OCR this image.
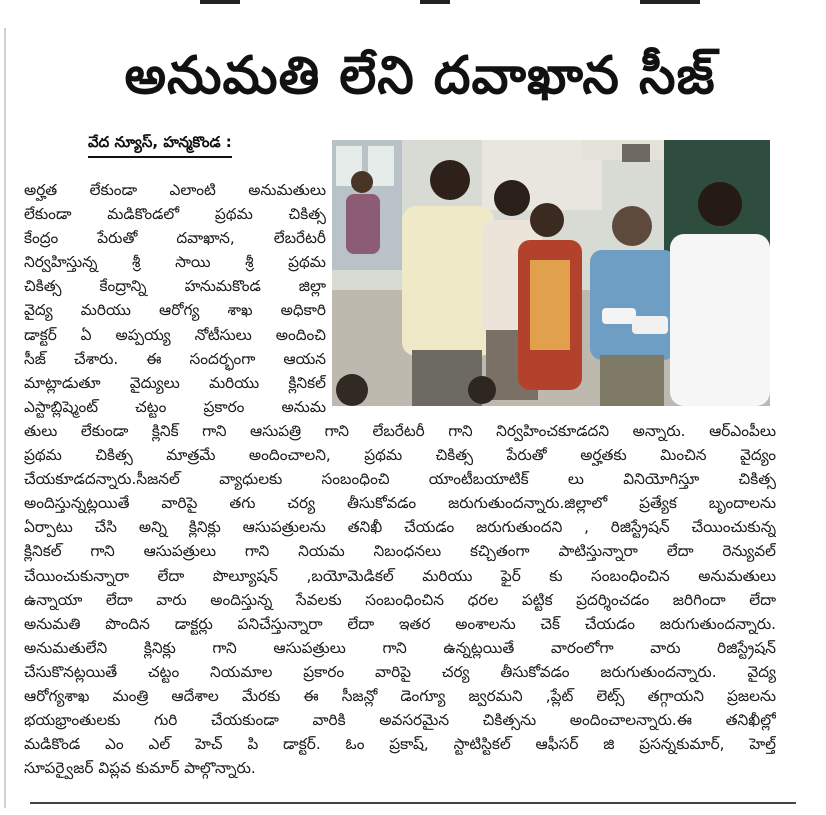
అనుమతి లేని దవాఖాన సీజ్
వేద న్యూస్, హన్మకొండ :
అర్హత లేకుండా ఎలాంటి అనుమతులు
లేకుండా మడికొండలో ప్రథమ చికిత్స
కేంద్రం పేరుతో దవాఖాన, లేబరేటరీ
నిర్వహిస్తున్న శ్రీ సాయి శ్రీ ప్రథమ
చికిత్స కేంద్రాన్ని హనుమకొండ జిల్లా
వైద్య మరియు ఆరోగ్య శాఖ అధికారి
డాక్టర్ ఏ అప్పయ్య నోటీసులు అందించి
సీజ్ చేశారు. ఈ సందర్భంగా ఆయన
మాట్లాడుతూ వైద్యులు మరియు క్లినికల్
ఎస్టాబ్లిష్మెంట్ చట్టం ప్రకారం అనుమ
తులు లేకుండా క్లినిక్ గాని ఆసుపత్రి గాని లేబరేటరీ గాని నిర్వహించకూడదని అన్నారు. ఆర్ఎంపీలు
ప్రథమ చికిత్స మాత్రమే అందించాలని, ప్రథమ చికిత్స పేరుతో అర్హతకు మించిన వైద్యం
చేయకూడదన్నారు.సీజనల్ వ్యాధులకు సంబంధించి యాంటీబయాటిక్ లు వినియోగిస్తూ చికిత్స
అందిస్తున్నట్లయితే వారిపై తగు చర్య తీసుకోవడం జరుగుతుందన్నారు.జిల్లాలో ప్రత్యేక బృందాలను
ఏర్పాటు చేసి అన్ని క్లినిక్లు ఆసుపత్రులను తనిఖీ చేయడం జరుగుతుందని , రిజిస్ట్రేషన్ చేయించుకున్న
క్లినికల్ గాని ఆసుపత్రులు గాని నియమ నిబంధనలు కచ్చితంగా పాటిస్తున్నారా లేదా రెన్యువల్
చేయించుకున్నారా లేదా పొల్యూషన్ ,బయోమెడికల్ మరియు ఫైర్ కు సంబంధించిన అనుమతులు
ఉన్నాయా లేదా వారు అందిస్తున్న సేవలకు సంబంధించిన ధరల పట్టిక ప్రదర్శించడం జరిగిందా లేదా
అనుమతి పొందిన డాక్టర్లు పనిచేస్తున్నారా లేదా ఇతర అంశాలను చెక్ చేయడం జరుగుతుందన్నారు.
అనుమతులేని క్లినిక్లు గాని ఆసుపత్రులు గాని ఉన్నట్లయితే వారంలోగా వారు రిజిస్ట్రేషన్
చేసుకొనట్లయితే చట్టం నియమాల ప్రకారం వారిపై చర్య తీసుకోవడం జరుగుతుందన్నారు. వైద్య
ఆరోగ్యశాఖ మంత్రి ఆదేశాల మేరకు ఈ సీజన్లో డెంగ్యూ జ్వరమని ,ప్లేట్ లెట్స్ తగ్గాయని ప్రజలను
భయభ్రాంతులకు గురి చేయకుండా వారికి అవసరమైన చికిత్సను అందించాలన్నారు.ఈ తనిఖీల్లో
మడికొండ ఎం ఎల్ హెచ్ పి డాక్టర్. ఓం ప్రకాష్, స్టాటిస్టికల్ ఆఫీసర్ జి ప్రసన్నకుమార్, హెల్త్
సూపర్వైజర్ విప్లవ కుమార్ పాల్గొన్నారు.
